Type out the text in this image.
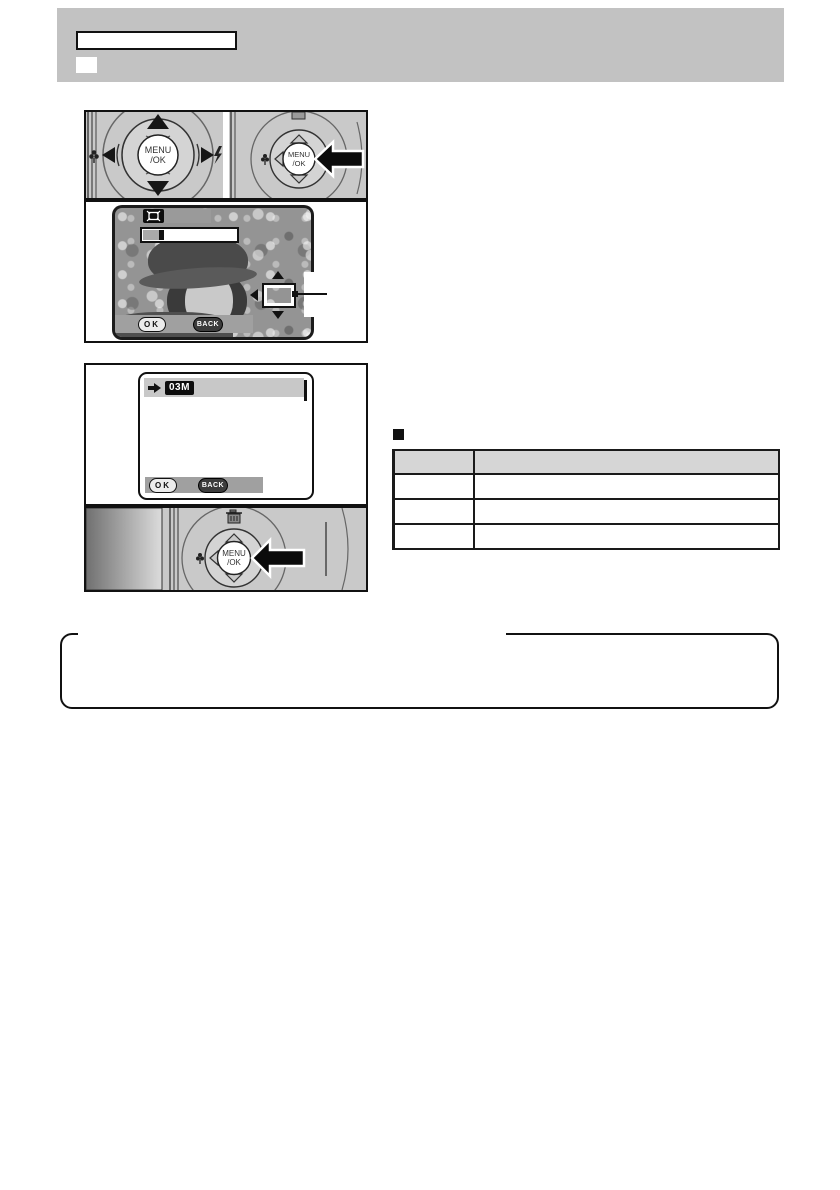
MENU
/OK
MENU
/OK
OK	BACK
03M
OK	BACK
MENU
/OK
